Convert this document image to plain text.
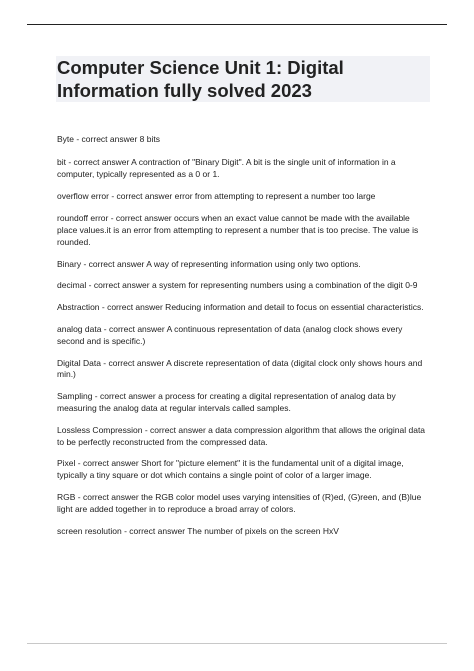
Computer Science Unit 1: Digital Information fully solved 2023

Byte - correct answer 8 bits

bit - correct answer A contraction of "Binary Digit". A bit is the single unit of information in a computer, typically represented as a 0 or 1.

overflow error - correct answer error from attempting to represent a number too large

roundoff error - correct answer occurs when an exact value cannot be made with the available place values.it is an error from attempting to represent a number that is too precise. The value is rounded.

Binary - correct answer A way of representing information using only two options.

decimal - correct answer a system for representing numbers using a combination of the digit 0-9

Abstraction - correct answer Reducing information and detail to focus on essential characteristics.

analog data - correct answer A continuous representation of data (analog clock shows every second and is specific.)

Digital Data - correct answer A discrete representation of data (digital clock only shows hours and min.)

Sampling - correct answer a process for creating a digital representation of analog data by measuring the analog data at regular intervals called samples.

Lossless Compression - correct answer a data compression algorithm that allows the original data to be perfectly reconstructed from the compressed data.

Pixel - correct answer Short for "picture element" it is the fundamental unit of a digital image, typically a tiny square or dot which contains a single point of color of a larger image.

RGB - correct answer the RGB color model uses varying intensities of (R)ed, (G)reen, and (B)lue light are added together in to reproduce a broad array of colors.

screen resolution - correct answer The number of pixels on the screen HxV
